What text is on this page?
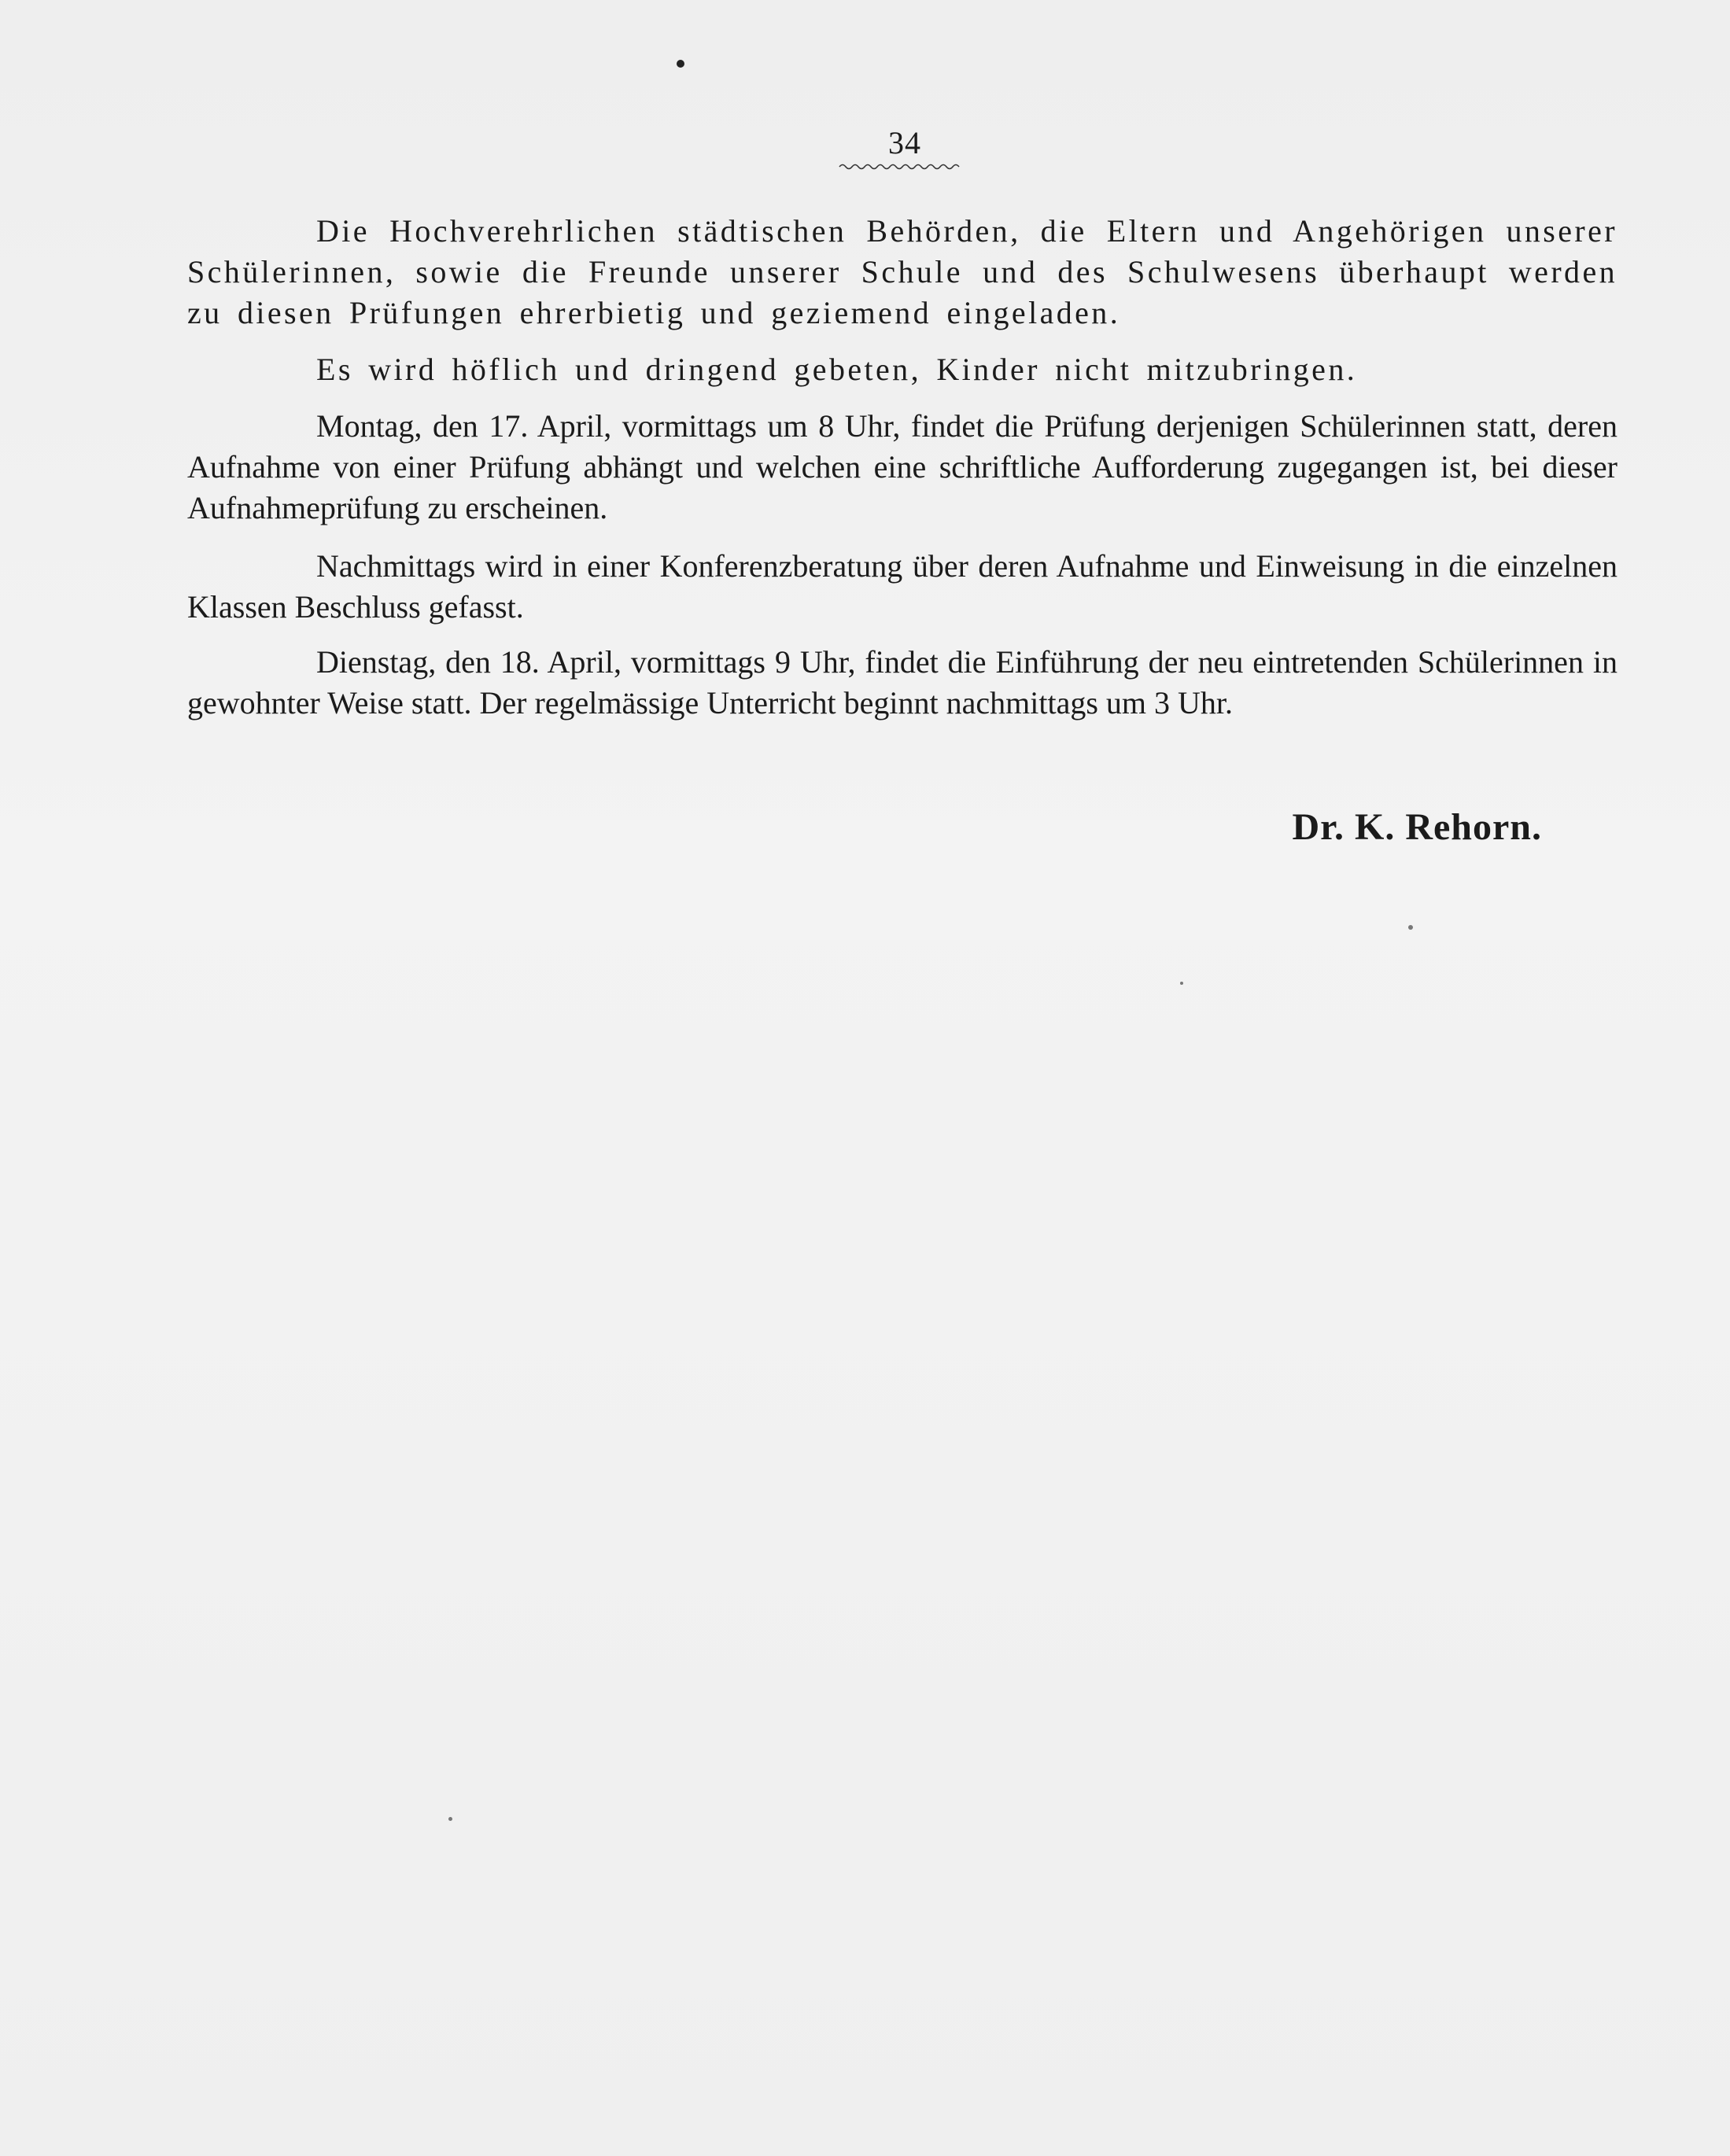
34

Die Hochverehrlichen städtischen Behörden, die Eltern und Angehörigen unserer Schülerinnen, sowie die Freunde unserer Schule und des Schulwesens überhaupt werden zu diesen Prüfungen ehrerbietig und geziemend eingeladen.

Es wird höflich und dringend gebeten, Kinder nicht mitzubringen.

Montag, den 17. April, vormittags um 8 Uhr, findet die Prüfung derjenigen Schülerinnen statt, deren Aufnahme von einer Prüfung abhängt und welchen eine schriftliche Aufforderung zugegangen ist, bei dieser Aufnahmeprüfung zu erscheinen.

Nachmittags wird in einer Konferenzberatung über deren Aufnahme und Einweisung in die einzelnen Klassen Beschluss gefasst.

Dienstag, den 18. April, vormittags 9 Uhr, findet die Einführung der neu eintretenden Schülerinnen in gewohnter Weise statt. Der regelmässige Unterricht beginnt nachmittags um 3 Uhr.

Dr. K. Rehorn.
